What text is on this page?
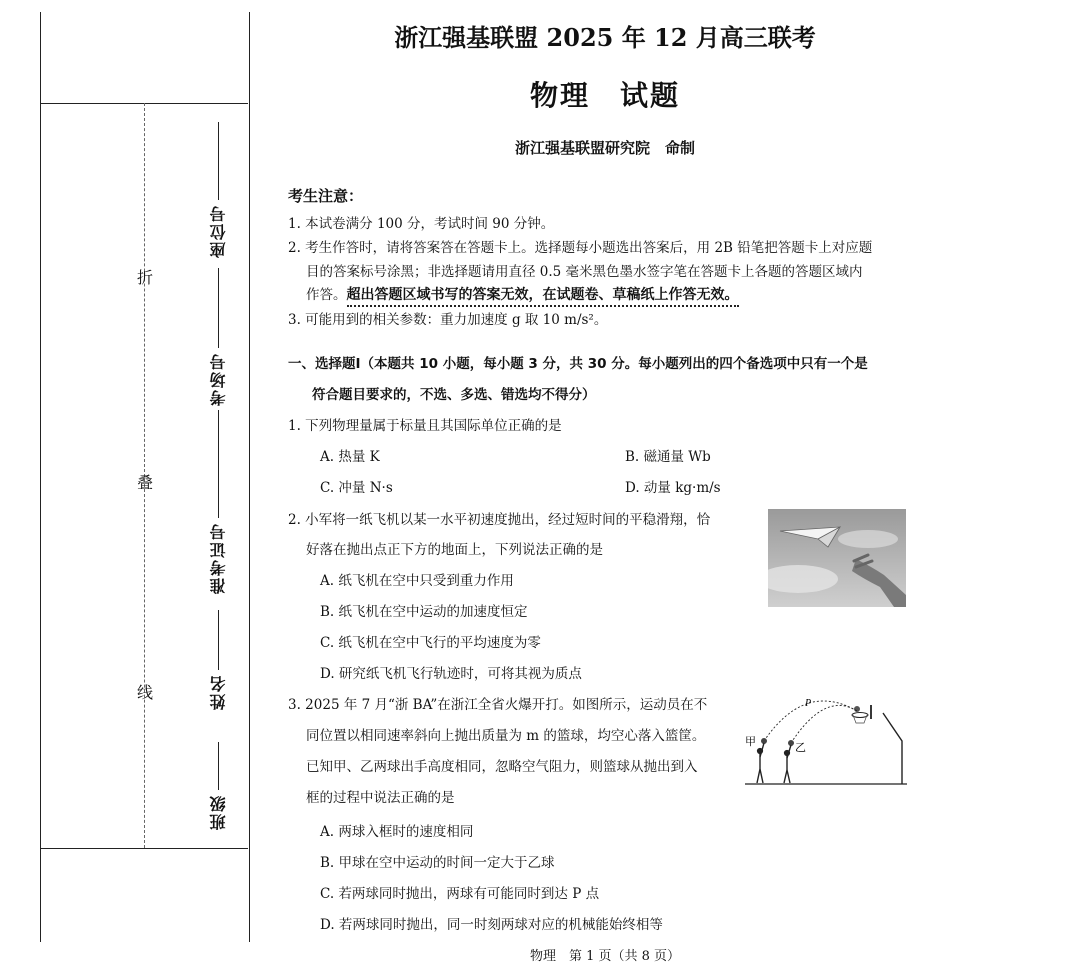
折
叠
线
座位号
考场号
准考证号
姓名
班级
浙江强基联盟 2025 年 12 月高三联考
物理　试题
浙江强基联盟研究院　命制
考生注意：
1. 本试卷满分 100 分，考试时间 90 分钟。
2. 考生作答时，请将答案答在答题卡上。选择题每小题选出答案后，用 2B 铅笔把答题卡上对应题
目的答案标号涂黑；非选择题请用直径 0.5 毫米黑色墨水签字笔在答题卡上各题的答题区域内
作答。超出答题区域书写的答案无效，在试题卷、草稿纸上作答无效。
3. 可能用到的相关参数：重力加速度 g 取 10 m/s²。
一、选择题Ⅰ（本题共 10 小题，每小题 3 分，共 30 分。每小题列出的四个备选项中只有一个是
符合题目要求的，不选、多选、错选均不得分）
1. 下列物理量属于标量且其国际单位正确的是
A. 热量 K	B. 磁通量 Wb
C. 冲量 N·s	D. 动量 kg·m/s
2. 小军将一纸飞机以某一水平初速度抛出，经过短时间的平稳滑翔，恰
好落在抛出点正下方的地面上，下列说法正确的是
A. 纸飞机在空中只受到重力作用
B. 纸飞机在空中运动的加速度恒定
C. 纸飞机在空中飞行的平均速度为零
D. 研究纸飞机飞行轨迹时，可将其视为质点
3. 2025 年 7 月“浙 BA”在浙江全省火爆开打。如图所示，运动员在不
同位置以相同速率斜向上抛出质量为 m 的篮球，均空心落入篮筐。
已知甲、乙两球出手高度相同，忽略空气阻力，则篮球从抛出到入
框的过程中说法正确的是
A. 两球入框时的速度相同
B. 甲球在空中运动的时间一定大于乙球
C. 若两球同时抛出，两球有可能同时到达 P 点
D. 若两球同时抛出，同一时刻两球对应的机械能始终相等
P
甲	乙
物理　第 1 页（共 8 页）
